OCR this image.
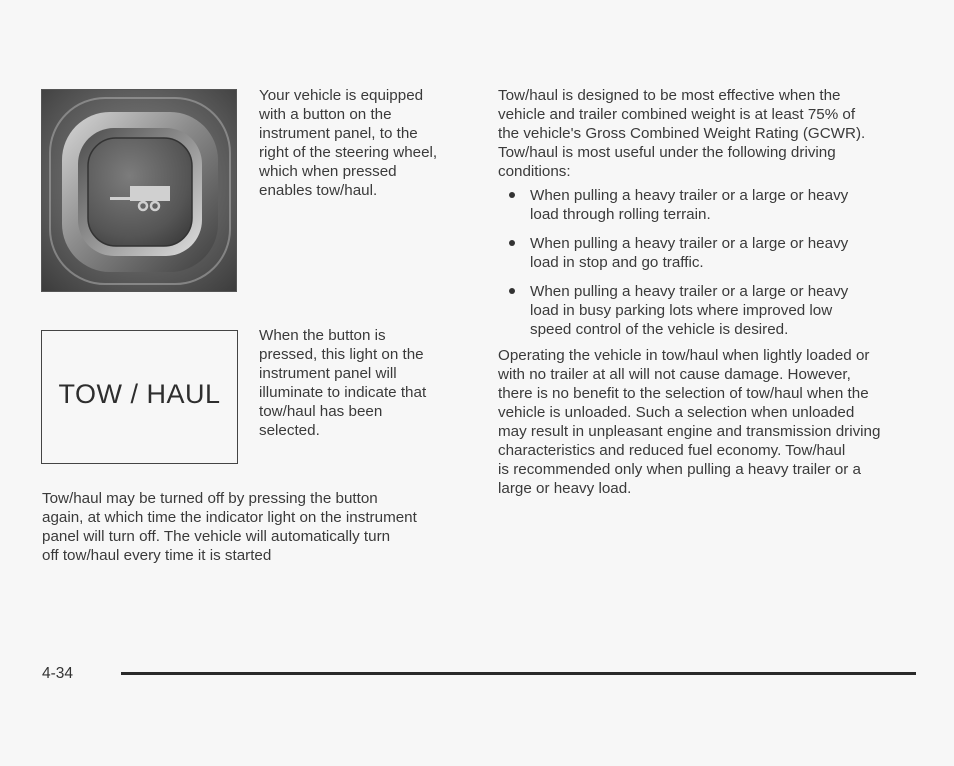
Your vehicle is equipped
with a button on the
instrument panel, to the
right of the steering wheel,
which when pressed
enables tow/haul.

TOW / HAUL

When the button is
pressed, this light on the
instrument panel will
illuminate to indicate that
tow/haul has been
selected.

Tow/haul may be turned off by pressing the button
again, at which time the indicator light on the instrument
panel will turn off. The vehicle will automatically turn
off tow/haul every time it is started

Tow/haul is designed to be most effective when the
vehicle and trailer combined weight is at least 75% of
the vehicle's Gross Combined Weight Rating (GCWR).
Tow/haul is most useful under the following driving
conditions:

When pulling a heavy trailer or a large or heavy
load through rolling terrain.
When pulling a heavy trailer or a large or heavy
load in stop and go traffic.
When pulling a heavy trailer or a large or heavy
load in busy parking lots where improved low
speed control of the vehicle is desired.

Operating the vehicle in tow/haul when lightly loaded or
with no trailer at all will not cause damage. However,
there is no benefit to the selection of tow/haul when the
vehicle is unloaded. Such a selection when unloaded
may result in unpleasant engine and transmission driving
characteristics and reduced fuel economy. Tow/haul
is recommended only when pulling a heavy trailer or a
large or heavy load.

4-34
